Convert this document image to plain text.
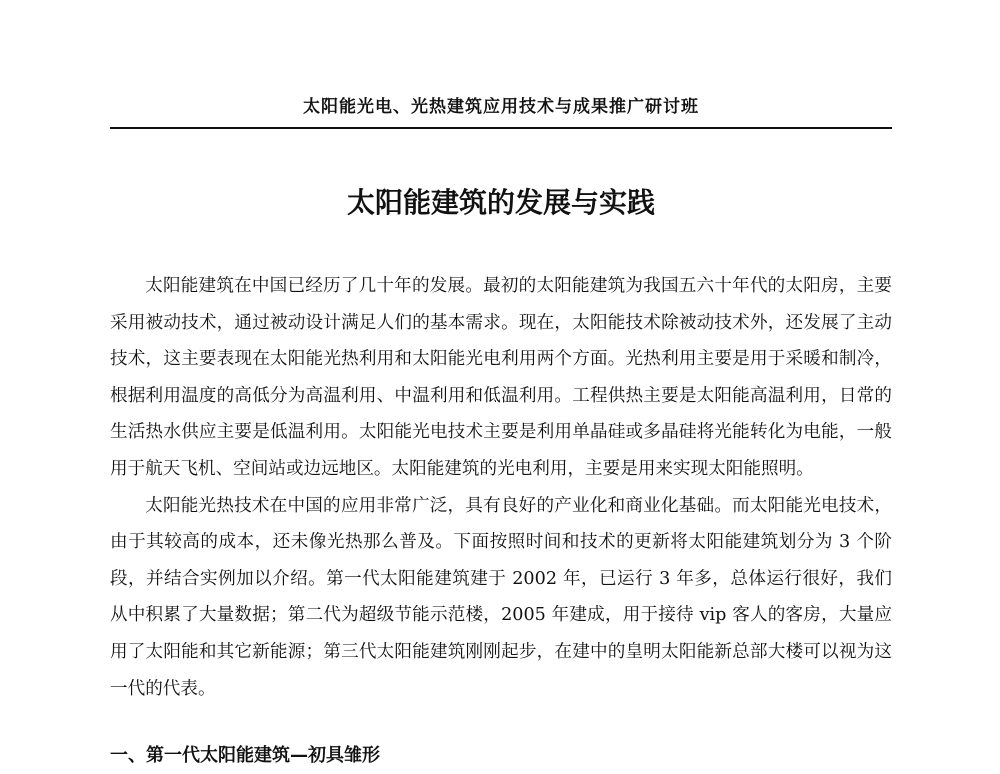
太阳能光电、光热建筑应用技术与成果推广研讨班
太阳能建筑的发展与实践

太阳能建筑在中国已经历了几十年的发展。最初的太阳能建筑为我国五六十年代的太阳房，主要采用被动技术，通过被动设计满足人们的基本需求。现在，太阳能技术除被动技术外，还发展了主动技术，这主要表现在太阳能光热利用和太阳能光电利用两个方面。光热利用主要是用于采暖和制冷，根据利用温度的高低分为高温利用、中温利用和低温利用。工程供热主要是太阳能高温利用，日常的生活热水供应主要是低温利用。太阳能光电技术主要是利用单晶硅或多晶硅将光能转化为电能，一般用于航天飞机、空间站或边远地区。太阳能建筑的光电利用，主要是用来实现太阳能照明。

太阳能光热技术在中国的应用非常广泛，具有良好的产业化和商业化基础。而太阳能光电技术，由于其较高的成本，还未像光热那么普及。下面按照时间和技术的更新将太阳能建筑划分为 3 个阶段，并结合实例加以介绍。第一代太阳能建筑建于 2002 年，已运行 3 年多，总体运行很好，我们从中积累了大量数据；第二代为超级节能示范楼，2005 年建成，用于接待 vip 客人的客房，大量应用了太阳能和其它新能源；第三代太阳能建筑刚刚起步，在建中的皇明太阳能新总部大楼可以视为这一代的代表。

一、第一代太阳能建筑—初具雏形
